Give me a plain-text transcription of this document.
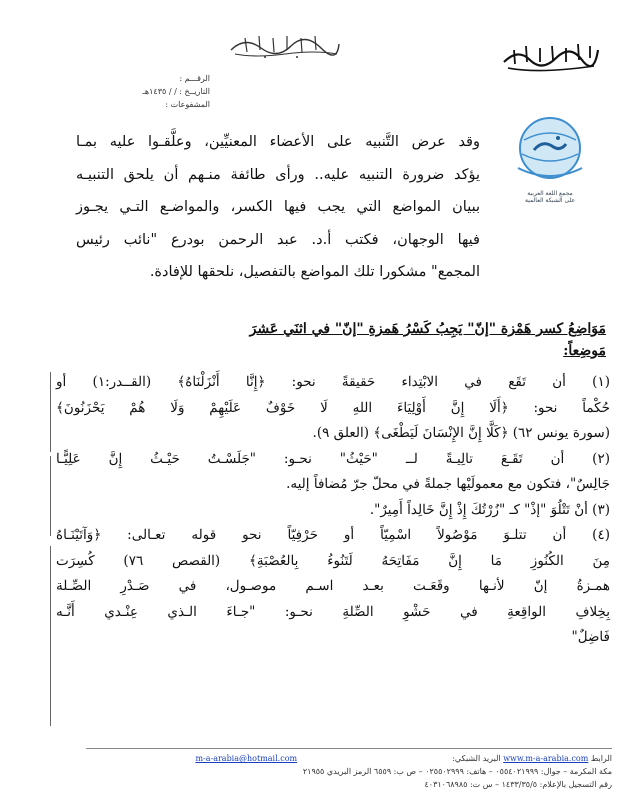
مجمع اللغة العربية
على الشبكة العالمية
الرقـــم :
التاريــخ : / / ١٤٣٥هـ
المشفوعات :
وقد عرض التَّنبيه على الأعضاء المعنيِّين، وعلَّقـوا عليه بمـا
يؤكد ضرورة التنبيه عليه.. ورأى طائفة منـهم أن يلحق التنبيـه
ببيان المواضع التي يجب فيها الكسر، والمواضـع التـي يجـوز
فيها الوجهان، فكتب أ.د. عبد الرحمن بودرع "نائب رئيس
المجمع" مشكورا تلك المواضع بالتفصيل، نلحقها للإفادة.
مَوَاضِعُ كسر هَمْزة "إنّ" يَجِبُ كَسْرُ هَمزةِ "إنّ" في اثنَي عَشرَ
مَوضِعاً:
(١) أن تَقَع في الابْتِداء حَقيقةً نحو: ﴿إِنَّا أَنْزَلْنَاهُ﴾ (القــدر:١) أو
حُكْماً نحو: ﴿أَلَا إِنَّ أَوْلِيَاءَ اللهِ لَا خَوْفٌ عَلَيْهِمْ وَلَا هُمْ يَحْزَنُونَ﴾
(سورة يونس ٦٢) ﴿كَلَّا إِنَّ الإِنْسَانَ لَيَطْغَى﴾ (العلق ٩).
(٢) أن تَقَـعَ تالِيـةً لــ "حَيْثُ" نحـو: "جَلَسْـتُ حَيْـثُ إِنَّ عَلِيًّـا
جَالِسٌ"، فتكون مع معمولَيْها جملةً في محلّ جرّ مُضافاً إليه.
(٣) أنْ تَتْلُوَ "إذْ" كـ "زُرْتُكَ إِذْ إِنَّ خَالِداً أَمِيرٌ".
(٤) أن تتلـوَ مَوْصُولاً اسْمِيّاً أو حَرْفِيّاً نحو قوله تعـالى: ﴿وَآتَيْنَـاهُ
مِنَ الكُنُوزِ مَا إِنَّ مَفَاتِحَهُ لَتَنُوءُ بِالعُصْبَةِ﴾ (القصص ٧٦) كُسِرَت
همـزةُ إنّ لأنـها وقَعَـت بعـد اسـم موصـول، في صَـدْرِ الصِّـلة
بِخِلافِ الواقِعةِ في حَشْوِ الصِّلةِ نحـو: "جـاءَ الـذي عِنْـدي أَنَّـه
فَاضِلٌ"
الرابط www.m-a-arabia.com البريد الشبكي:  m-a-arabia@hotmail.com
مكة المكرمة – جوال: ٠٥٥٤٠٢١٩٩٩ – هاتف: ٠٢٥٥٠٢٩٩٩ – ص ب: ٦٥٥٩ الرمز البريدي ٢١٩٥٥
رقم التسجيل بالإعلام: ١٤٣٣/٣٥/٥ – س ت: ٤٠٣١٠٦٨٩٨٥
